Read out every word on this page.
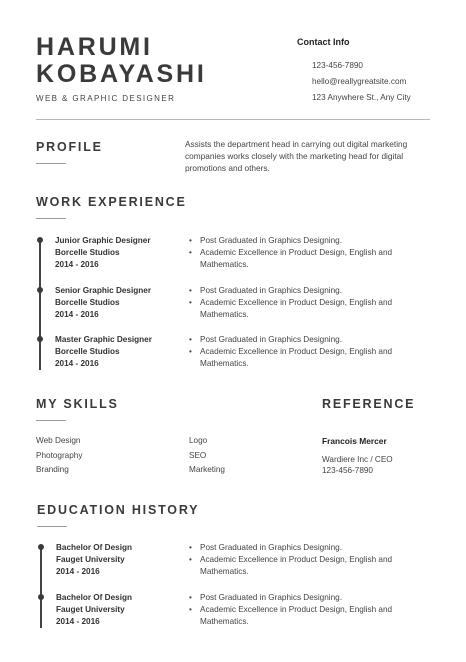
HARUMI
KOBAYASHI
WEB & GRAPHIC DESIGNER
Contact Info
123-456-7890
hello@reallygreatsite.com
123 Anywhere St., Any City
PROFILE	Assists the department head in carrying out digital marketing companies works closely with the marketing head for digital promotions and others.
WORK EXPERIENCE
Junior Graphic Designer
Borcelle Studios
2014 - 2016
• Post Graduated in Graphics Designing.
• Academic Excellence in Product Design, English and Mathematics.
Senior Graphic Designer
Borcelle Studios
2014 - 2016
• Post Graduated in Graphics Designing.
• Academic Excellence in Product Design, English and Mathematics.
Master Graphic Designer
Borcelle Studios
2014 - 2016
• Post Graduated in Graphics Designing.
• Academic Excellence in Product Design, English and Mathematics.
MY SKILLS
Web Design
Photography
Branding
Logo
SEO
Marketing
REFERENCE
Francois Mercer
Wardiere Inc / CEO
123-456-7890
EDUCATION HISTORY
Bachelor Of Design
Fauget University
2014 - 2016
• Post Graduated in Graphics Designing.
• Academic Excellence in Product Design, English and Mathematics.
Bachelor Of Design
Fauget University
2014 - 2016
• Post Graduated in Graphics Designing.
• Academic Excellence in Product Design, English and Mathematics.
